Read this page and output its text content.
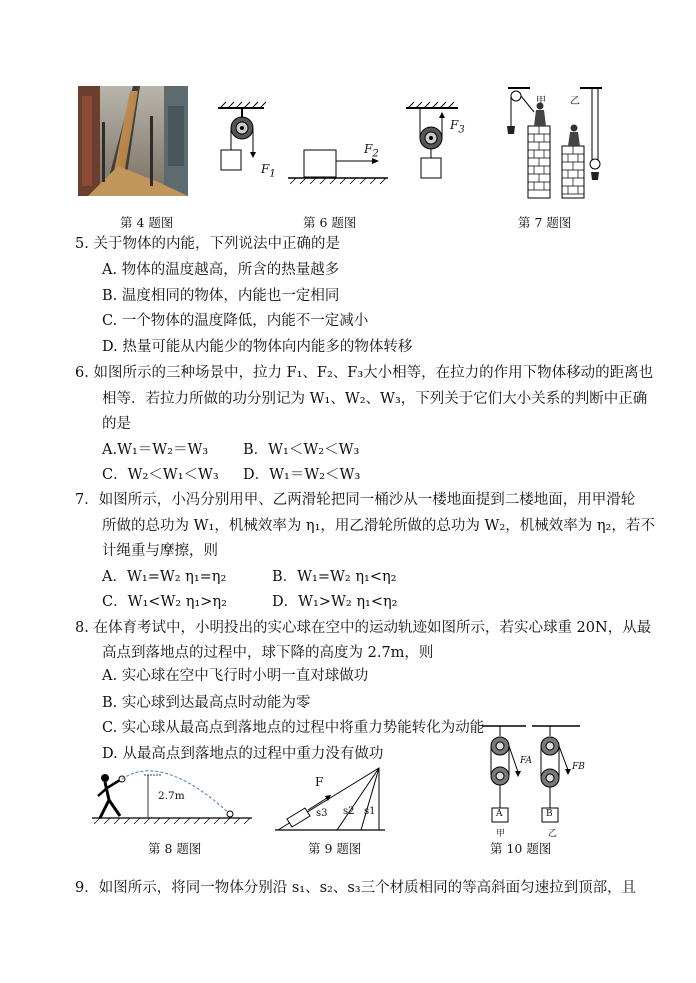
$F_1$
$F_2$
$F_3$
甲 乙
第 4 题图	第 6 题图	第 7 题图
5. 关于物体的内能，下列说法中正确的是
A. 物体的温度越高，所含的热量越多
B. 温度相同的物体，内能也一定相同
C. 一个物体的温度降低，内能不一定减小
D. 热量可能从内能少的物体向内能多的物体转移
6. 如图所示的三种场景中，拉力 F₁、F₂、F₃大小相等，在拉力的作用下物体移动的距离也
相等．若拉力所做的功分别记为 W₁、W₂、W₃，下列关于它们大小关系的判断中正确
的是
A.W₁＝W₂＝W₃ B．W₁＜W₂＜W₃
C．W₂＜W₁＜W₃ D．W₁＝W₂＜W₃
7．如图所示，小冯分别用甲、乙两滑轮把同一桶沙从一楼地面提到二楼地面，用甲滑轮
所做的总功为 W₁，机械效率为 η₁，用乙滑轮所做的总功为 W₂，机械效率为 η₂，若不
计绳重与摩擦，则
A．W₁=W₂ η₁=η₂	B．W₁=W₂ η₁<η₂
C．W₁<W₂ η₁>η₂	D．W₁>W₂ η₁<η₂
8. 在体育考试中，小明投出的实心球在空中的运动轨迹如图所示，若实心球重 20N，从最
高点到落地点的过程中，球下降的高度为 2.7m，则
A. 实心球在空中飞行时小明一直对球做功
B. 实心球到达最高点时动能为零
C. 实心球从最高点到落地点的过程中将重力势能转化为动能
D. 从最高点到落地点的过程中重力没有做功
2.7m
F
s3 s2 s1
FA
FB
A	B
甲	乙
第 8 题图	第 9 题图	第 10 题图
9．如图所示，将同一物体分别沿 s₁、s₂、s₃三个材质相同的等高斜面匀速拉到顶部，且
